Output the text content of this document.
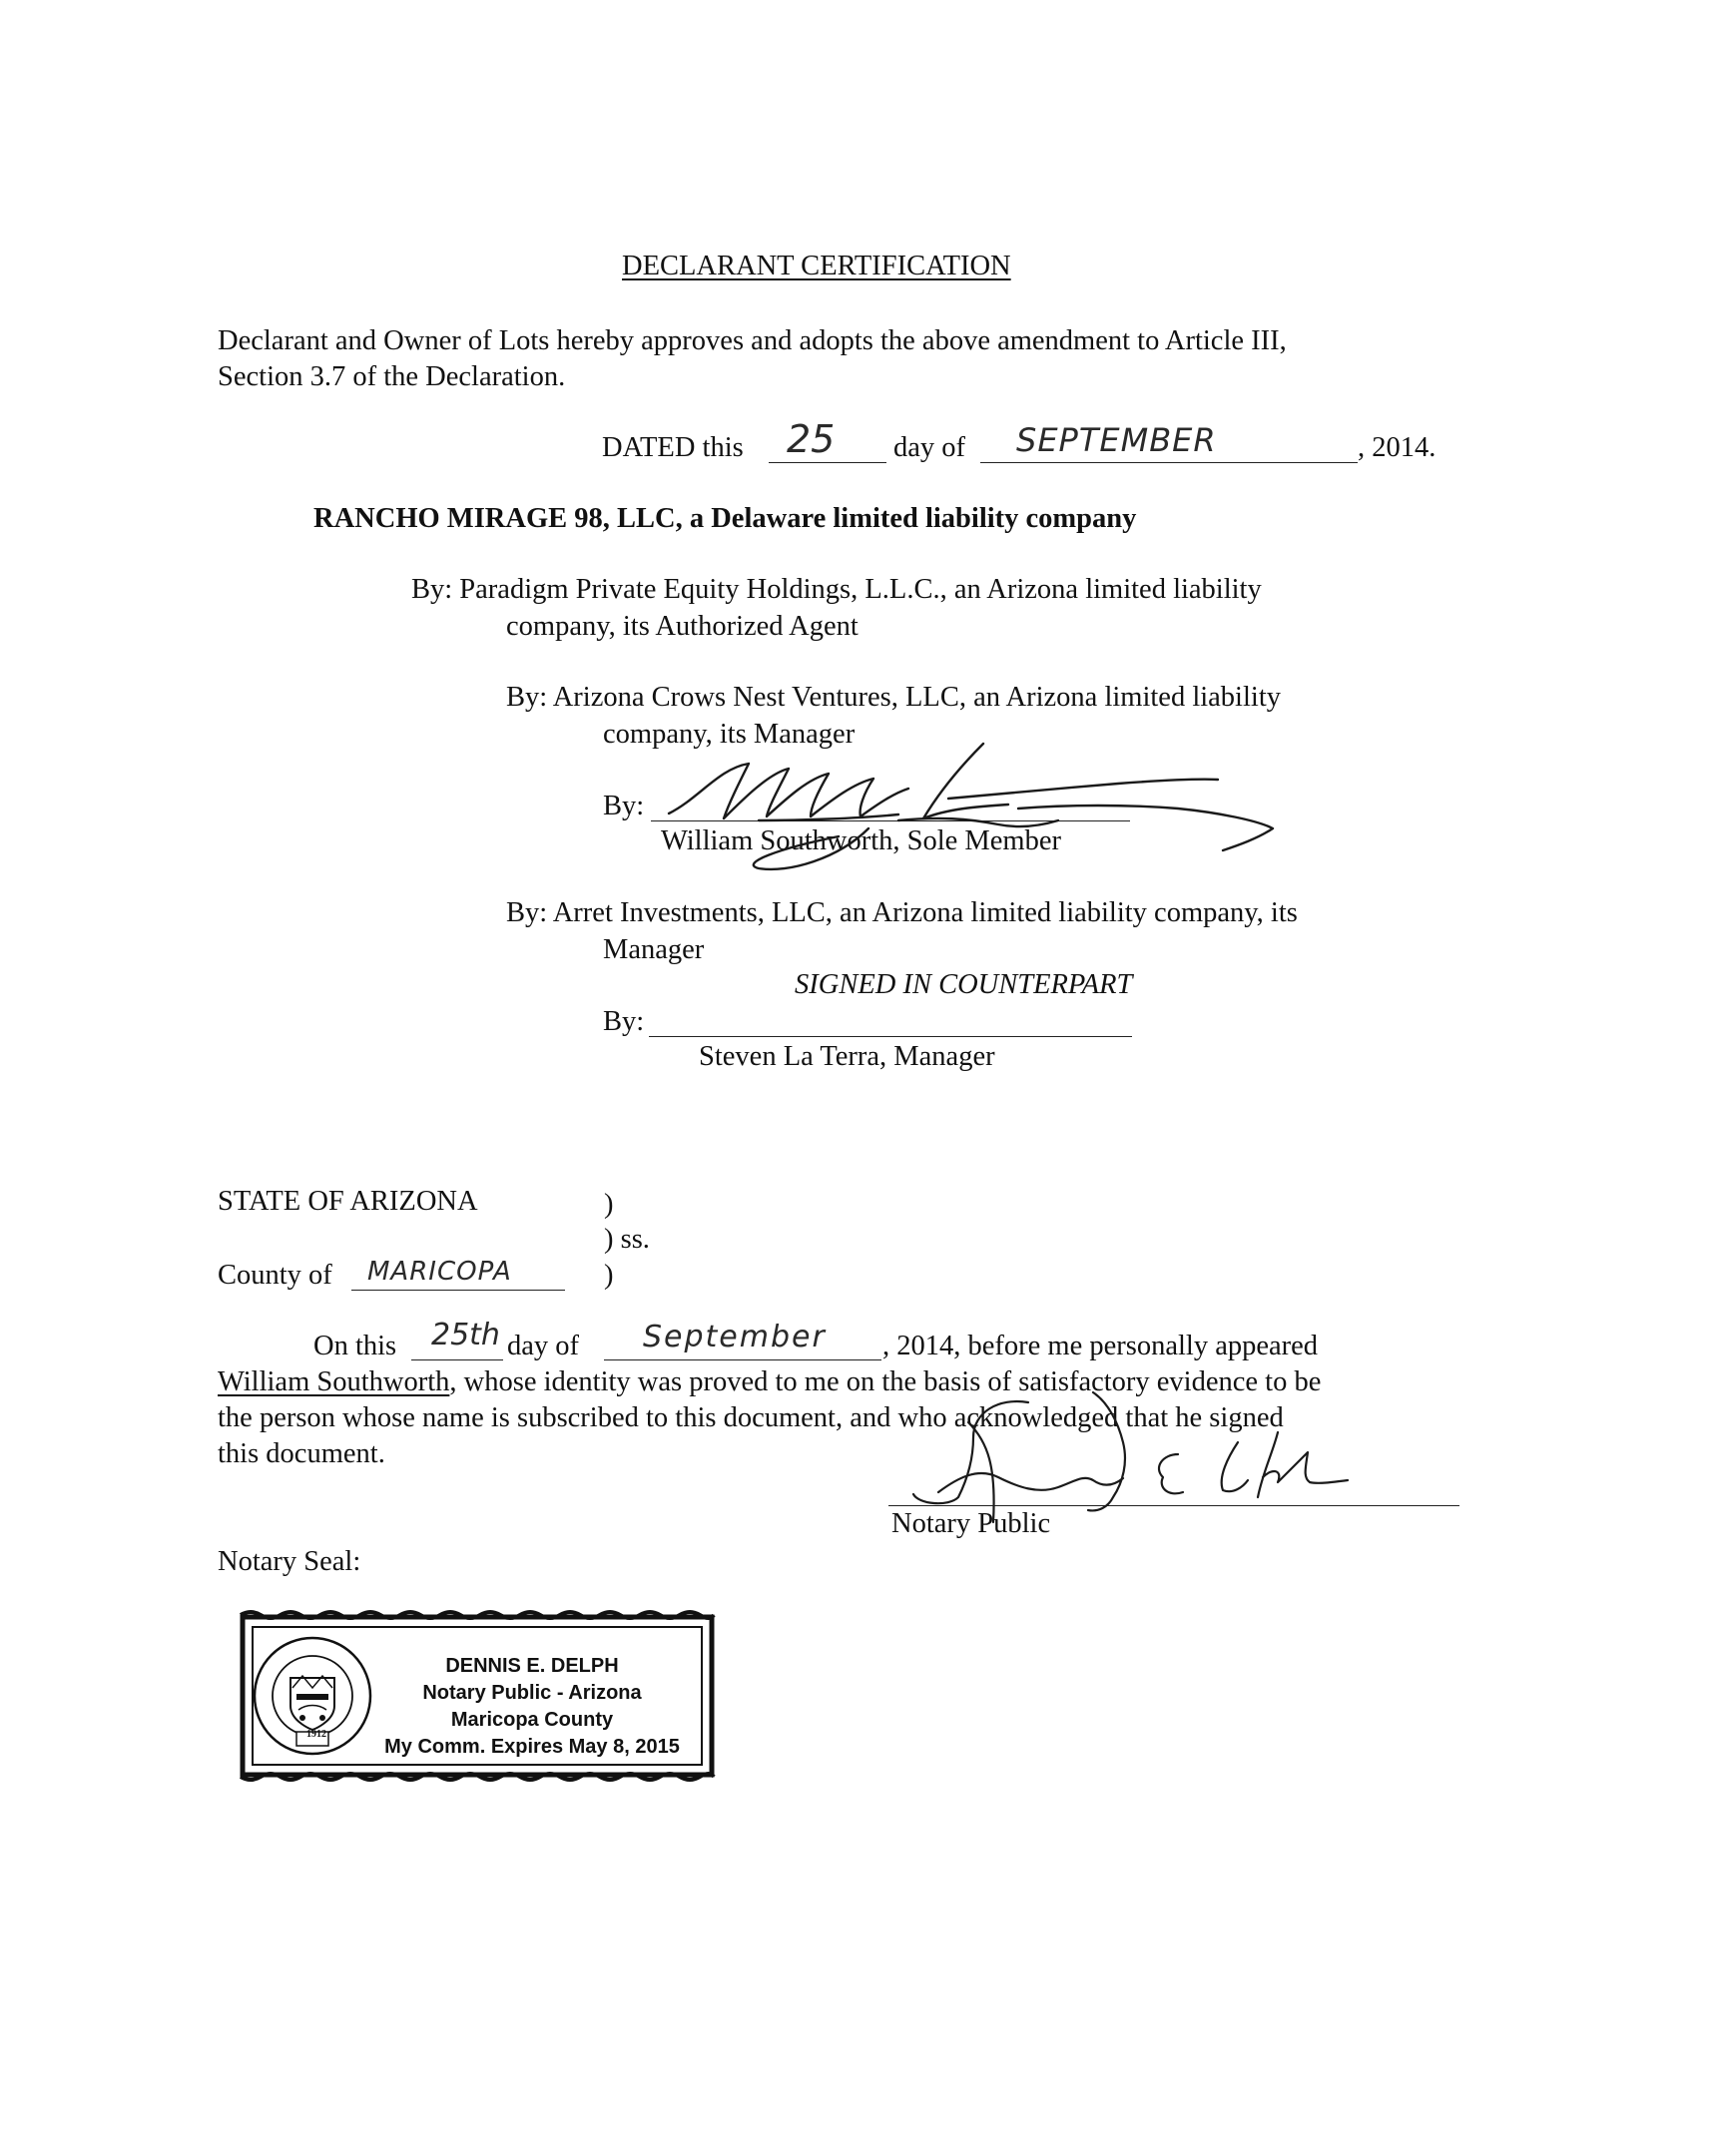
DECLARANT CERTIFICATION
Declarant and Owner of Lots hereby approves and adopts the above amendment to Article III,
Section 3.7 of the Declaration.
DATED this 25 day of SEPTEMBER	, 2014.
RANCHO MIRAGE 98, LLC, a Delaware limited liability company
By: Paradigm Private Equity Holdings, L.L.C., an Arizona limited liability
company, its Authorized Agent
By: Arizona Crows Nest Ventures, LLC, an Arizona limited liability
company, its Manager
By:
William Southworth, Sole Member
By: Arret Investments, LLC, an Arizona limited liability company, its
Manager
SIGNED IN COUNTERPART
By:
Steven La Terra, Manager
STATE OF ARIZONA	)
) ss.
County of MARICOPA	)
On this 25th day of September , 2014, before me personally appeared
William Southworth, whose identity was proved to me on the basis of satisfactory evidence to be
the person whose name is subscribed to this document, and who acknowledged that he signed
this document.
Notary Public
Notary Seal:
1912
DENNIS E. DELPH
Notary Public - Arizona
Maricopa County
My Comm. Expires May 8, 2015
